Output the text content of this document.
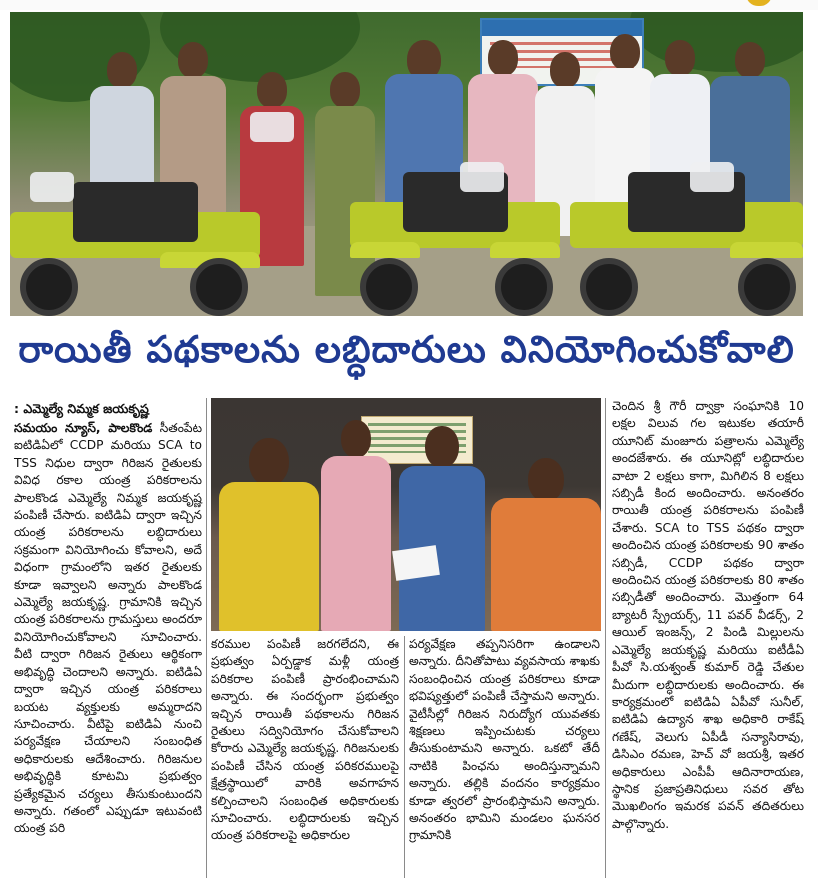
రాయితీ పథకాలను లబ్ధిదారులు వినియోగించుకోవాలి
: ఎమ్మెల్యే నిమ్మక జయకృష్ణ

సమయం న్యూస్, పాలకొండ సీతంపేట ఐటిడిఏలో CCDP మరియు SCA to TSS నిధుల ద్వారా గిరిజన రైతులకు వివిధ రకాల యంత్ర పరికరాలను పాలకొండ ఎమ్మెల్యే నిమ్మక జయకృష్ణ పంపిణీ చేసారు. ఐటిడిఏ ద్వారా ఇచ్చిన యంత్ర పరికరాలను లబ్ధిదారులు సక్రమంగా వినియోగించు కోవాలని, అదే విధంగా గ్రామంలోని ఇతర రైతులకు కూడా ఇవ్వాలని అన్నారు పాలకొండ ఎమ్మెల్యే జయకృష్ణ. గ్రామానికి ఇచ్చిన యంత్ర పరికరాలను గ్రామస్తులు అందరూ వినియోగించుకోవాలని సూచించారు. వీటి ద్వారా గిరిజన రైతులు ఆర్థికంగా అభివృద్ధి చెందాలని అన్నారు. ఐటిడిఏ ద్వారా ఇచ్చిన యంత్ర పరికరాలు బయట వ్యక్తులకు అమ్మరాదని సూచించారు. వీటిపై ఐటిడిఏ నుంచి పర్యవేక్షణ చేయాలని సంబంధిత అధికారులకు ఆదేశించారు. గిరిజనుల అభివృద్ధికి కూటమి ప్రభుత్వం ప్రత్యేకమైన చర్యలు తీసుకుంటుందని అన్నారు. గతంలో ఎప్పుడూ ఇటువంటి యంత్ర పరి

కరముల పంపిణీ జరగలేదని, ఈ ప్రభుత్వం ఏర్పడ్డాక మళ్లీ యంత్ర పరికరాల పంపిణీ ప్రారంభించామని అన్నారు. ఈ సందర్భంగా ప్రభుత్వం ఇచ్చిన రాయితీ పథకాలను గిరిజన రైతులు సద్వినియోగం చేసుకోవాలని కోరారు ఎమ్మెల్యే జయకృష్ణ. గిరిజనులకు పంపిణీ చేసిన యంత్ర పరికరములపై క్షేత్రస్థాయిలో వారికి అవగాహన కల్పించాలని సంబంధిత అధికారులకు సూచించారు. లబ్ధిదారులకు ఇచ్చిన యంత్ర పరికరాలపై అధికారుల

పర్యవేక్షణ తప్పనిసరిగా ఉండాలని అన్నారు. దీనితోపాటు వ్యవసాయ శాఖకు సంబంధించిన యంత్ర పరికరాలు కూడా భవిష్యత్తులో పంపిణీ చేస్తామని అన్నారు. వైటీసీల్లో గిరిజన నిరుద్యోగ యువతకు శిక్షణలు ఇప్పించుటకు చర్యలు తీసుకుంటామని అన్నారు. ఒకటో తేదీ నాటికి పింఛను అందిస్తున్నామని అన్నారు. తల్లికి వందనం కార్యక్రమం కూడా త్వరలో ప్రారంభిస్తామని అన్నారు. అనంతరం భామిని మండలం ఘనసర గ్రామానికి

చెందిన శ్రీ గౌరీ ద్వాక్రా సంఘానికి 10 లక్షల విలువ గల ఇటుకల తయారీ యూనిట్ మంజూరు పత్రాలను ఎమ్మెల్యే అందజేశారు. ఈ యూనిట్లో లబ్ధిదారుల వాటా 2 లక్షలు కాగా, మిగిలిన 8 లక్షలు సబ్సిడీ కింద అందించారు. అనంతరం రాయితీ యంత్ర పరికరాలను పంపిణీ చేశారు. SCA to TSS పథకం ద్వారా అందించిన యంత్ర పరికరాలకు 90 శాతం సబ్సిడీ, CCDP పథకం ద్వారా అందించిన యంత్ర పరికరాలకు 80 శాతం సబ్సిడీతో అందించారు. మొత్తంగా 64 బ్యాటరీ స్ప్రేయర్స్, 11 పవర్ వీడర్స్, 2 ఆయిల్ ఇంజన్స్, 2 పిండి మిల్లులను ఎమ్మెల్యే జయకృష్ణ మరియు ఐటీడీఏ పీవో సి.యశ్వంత్ కుమార్ రెడ్డి చేతుల మీదుగా లబ్ధిదారులకు అందించారు. ఈ కార్యక్రమంలో ఐటిడిఏ ఏపీవో సునీల్, ఐటిడిఏ ఉద్యాన శాఖ అధికారి రాకేష్ గణేష్, వెలుగు ఏపీడీ సన్యాసిరావు, డిసిఎం రమణ, హెచ్ వో జయశ్రీ, ఇతర అధికారులు ఎంపీపీ ఆదినారాయణ, స్థానిక ప్రజాప్రతినిధులు సవర తోట మొఖలింగం ఇమరక పవన్ తదితరులు పాల్గొన్నారు.
